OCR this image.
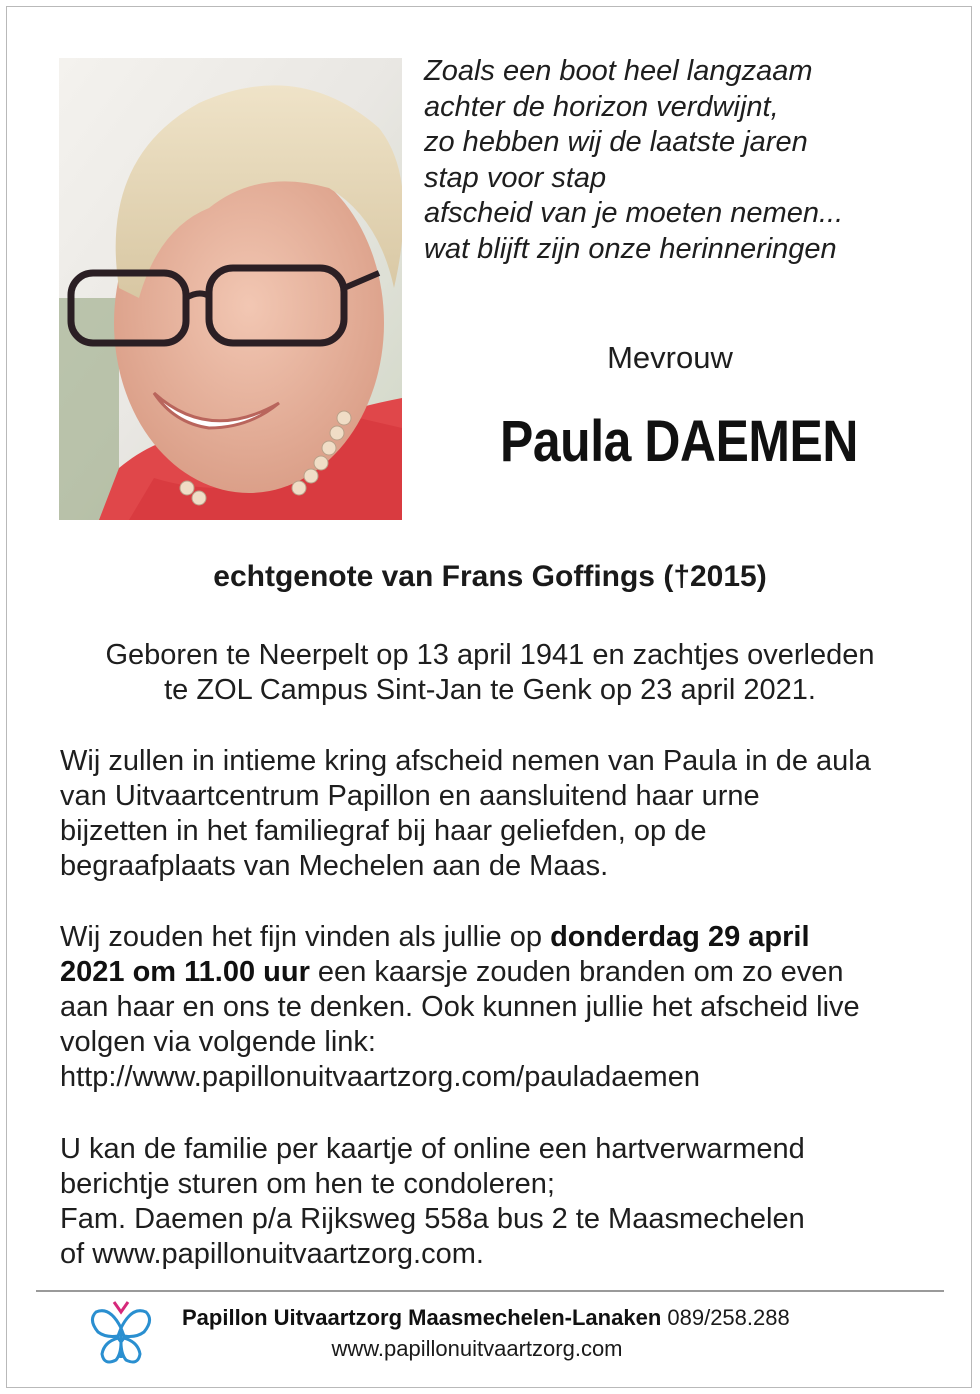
Zoals een boot heel langzaam
achter de horizon verdwijnt,
zo hebben wij de laatste jaren
stap voor stap
afscheid van je moeten nemen...
wat blijft zijn onze herinneringen
Mevrouw
Paula DAEMEN
echtgenote van Frans Goffings (†2015)
Geboren te Neerpelt op 13 april 1941 en zachtjes overleden
te ZOL Campus Sint-Jan te Genk op 23 april 2021.
Wij zullen in intieme kring afscheid nemen van Paula in de aula
van Uitvaartcentrum Papillon en aansluitend haar urne
bijzetten in het familiegraf bij haar geliefden, op de
begraafplaats van Mechelen aan de Maas.
Wij zouden het fijn vinden als jullie op donderdag 29 april
2021 om 11.00 uur een kaarsje zouden branden om zo even
aan haar en ons te denken. Ook kunnen jullie het afscheid live
volgen via volgende link:
http://www.papillonuitvaartzorg.com/pauladaemen
U kan de familie per kaartje of online een hartverwarmend
berichtje sturen om hen te condoleren;
Fam. Daemen p/a Rijksweg 558a bus 2 te Maasmechelen
of www.papillonuitvaartzorg.com.
Papillon Uitvaartzorg Maasmechelen-Lanaken 089/258.288
www.papillonuitvaartzorg.com
